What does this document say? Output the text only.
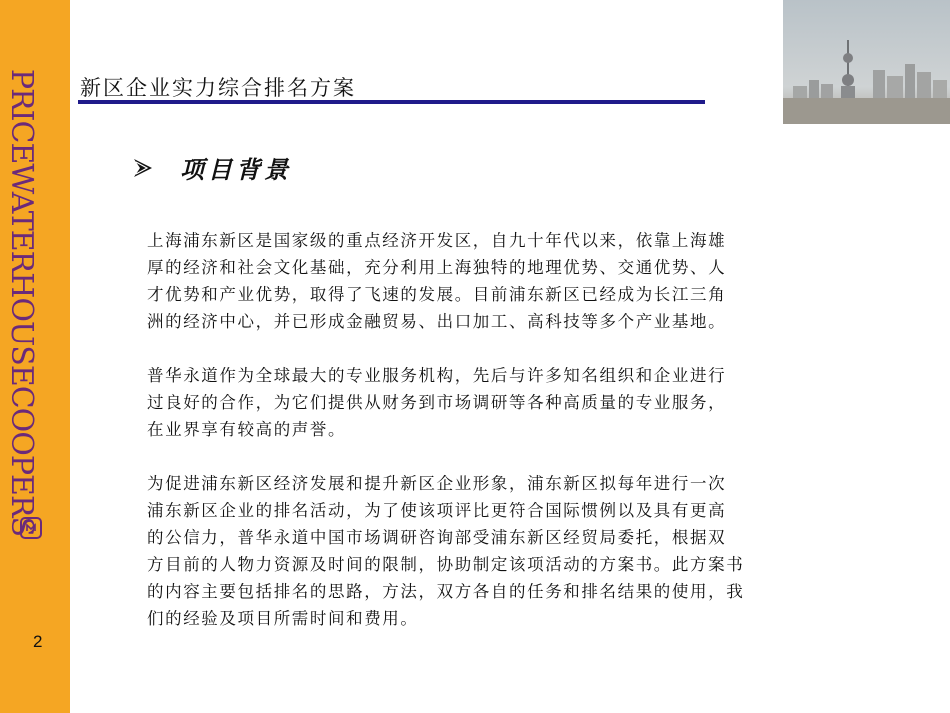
PRICEWATERHOUSECOOPERS
2
新区企业实力综合排名方案
项目背景

上海浦东新区是国家级的重点经济开发区，自九十年代以来，依靠上海雄
厚的经济和社会文化基础，充分利用上海独特的地理优势、交通优势、人
才优势和产业优势，取得了飞速的发展。目前浦东新区已经成为长江三角
洲的经济中心，并已形成金融贸易、出口加工、高科技等多个产业基地。

普华永道作为全球最大的专业服务机构，先后与许多知名组织和企业进行
过良好的合作，为它们提供从财务到市场调研等各种高质量的专业服务，
在业界享有较高的声誉。

为促进浦东新区经济发展和提升新区企业形象，浦东新区拟每年进行一次
浦东新区企业的排名活动，为了使该项评比更符合国际惯例以及具有更高
的公信力，普华永道中国市场调研咨询部受浦东新区经贸局委托，根据双
方目前的人物力资源及时间的限制，协助制定该项活动的方案书。此方案书
的内容主要包括排名的思路，方法，双方各自的任务和排名结果的使用，我
们的经验及项目所需时间和费用。
